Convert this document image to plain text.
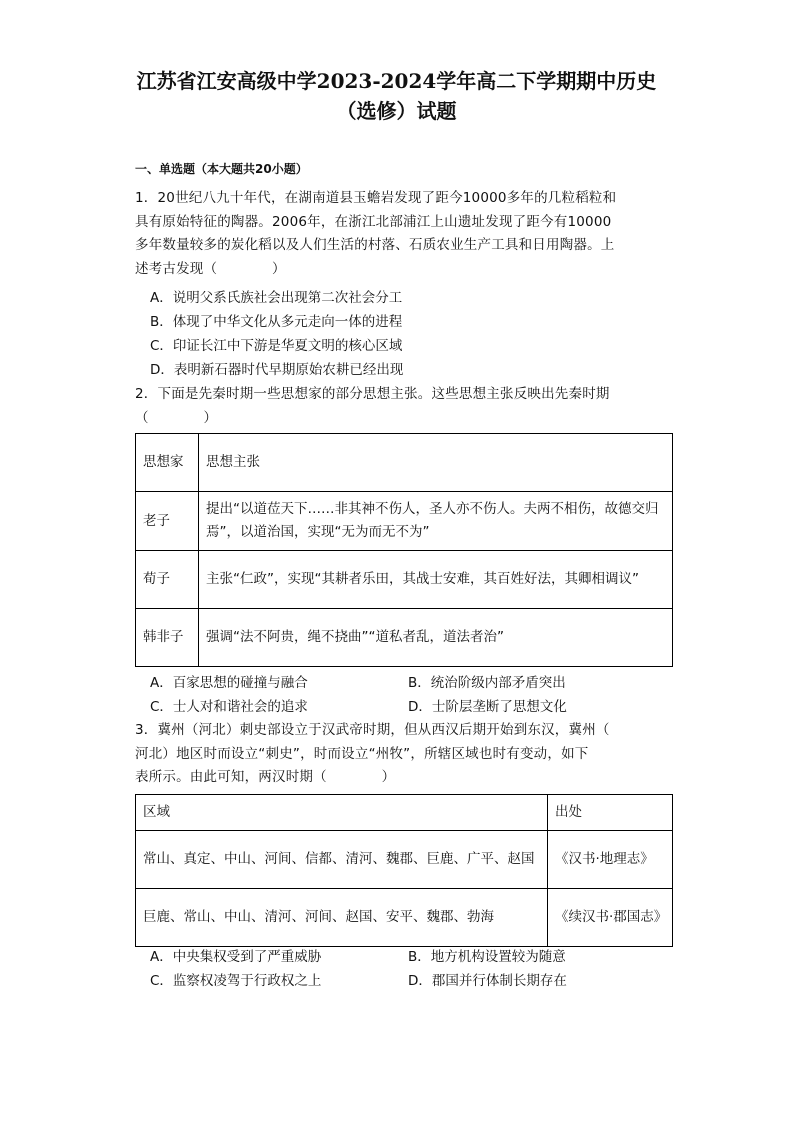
江苏省江安高级中学2023-2024学年高二下学期期中历史
（选修）试题
一、单选题（本大题共20小题）
1．20世纪八九十年代，在湖南道县玉蟾岩发现了距今10000多年的几粒稻粒和
具有原始特征的陶器。2006年，在浙江北部浦江上山遗址发现了距今有10000
多年数量较多的炭化稻以及人们生活的村落、石质农业生产工具和日用陶器。上
述考古发现（　　　　）
A．说明父系氏族社会出现第二次社会分工
B．体现了中华文化从多元走向一体的进程
C．印证长江中下游是华夏文明的核心区域
D．表明新石器时代早期原始农耕已经出现
2．下面是先秦时期一些思想家的部分思想主张。这些思想主张反映出先秦时期
（　　　　）
思想家	思想主张
老子	提出“以道莅天下……非其神不伤人，圣人亦不伤人。夫两不相伤，故德交归焉”，以道治国，实现“无为而无不为”
荀子	主张“仁政”，实现“其耕者乐田，其战士安难，其百姓好法，其卿相调议”
韩非子	强调“法不阿贵，绳不挠曲”“道私者乱，道法者治”
A．百家思想的碰撞与融合	B．统治阶级内部矛盾突出
C．士人对和谐社会的追求	D．士阶层垄断了思想文化
3．冀州（河北）刺史部设立于汉武帝时期，但从西汉后期开始到东汉，冀州（
河北）地区时而设立“刺史”，时而设立“州牧”，所辖区域也时有变动，如下
表所示。由此可知，两汉时期（　　　　）
区域	出处
常山、真定、中山、河间、信都、清河、魏郡、巨鹿、广平、赵国	《汉书·地理志》
巨鹿、常山、中山、清河、河间、赵国、安平、魏郡、勃海	《续汉书·郡国志》
A．中央集权受到了严重威胁	B．地方机构设置较为随意
C．监察权凌驾于行政权之上	D．郡国并行体制长期存在
